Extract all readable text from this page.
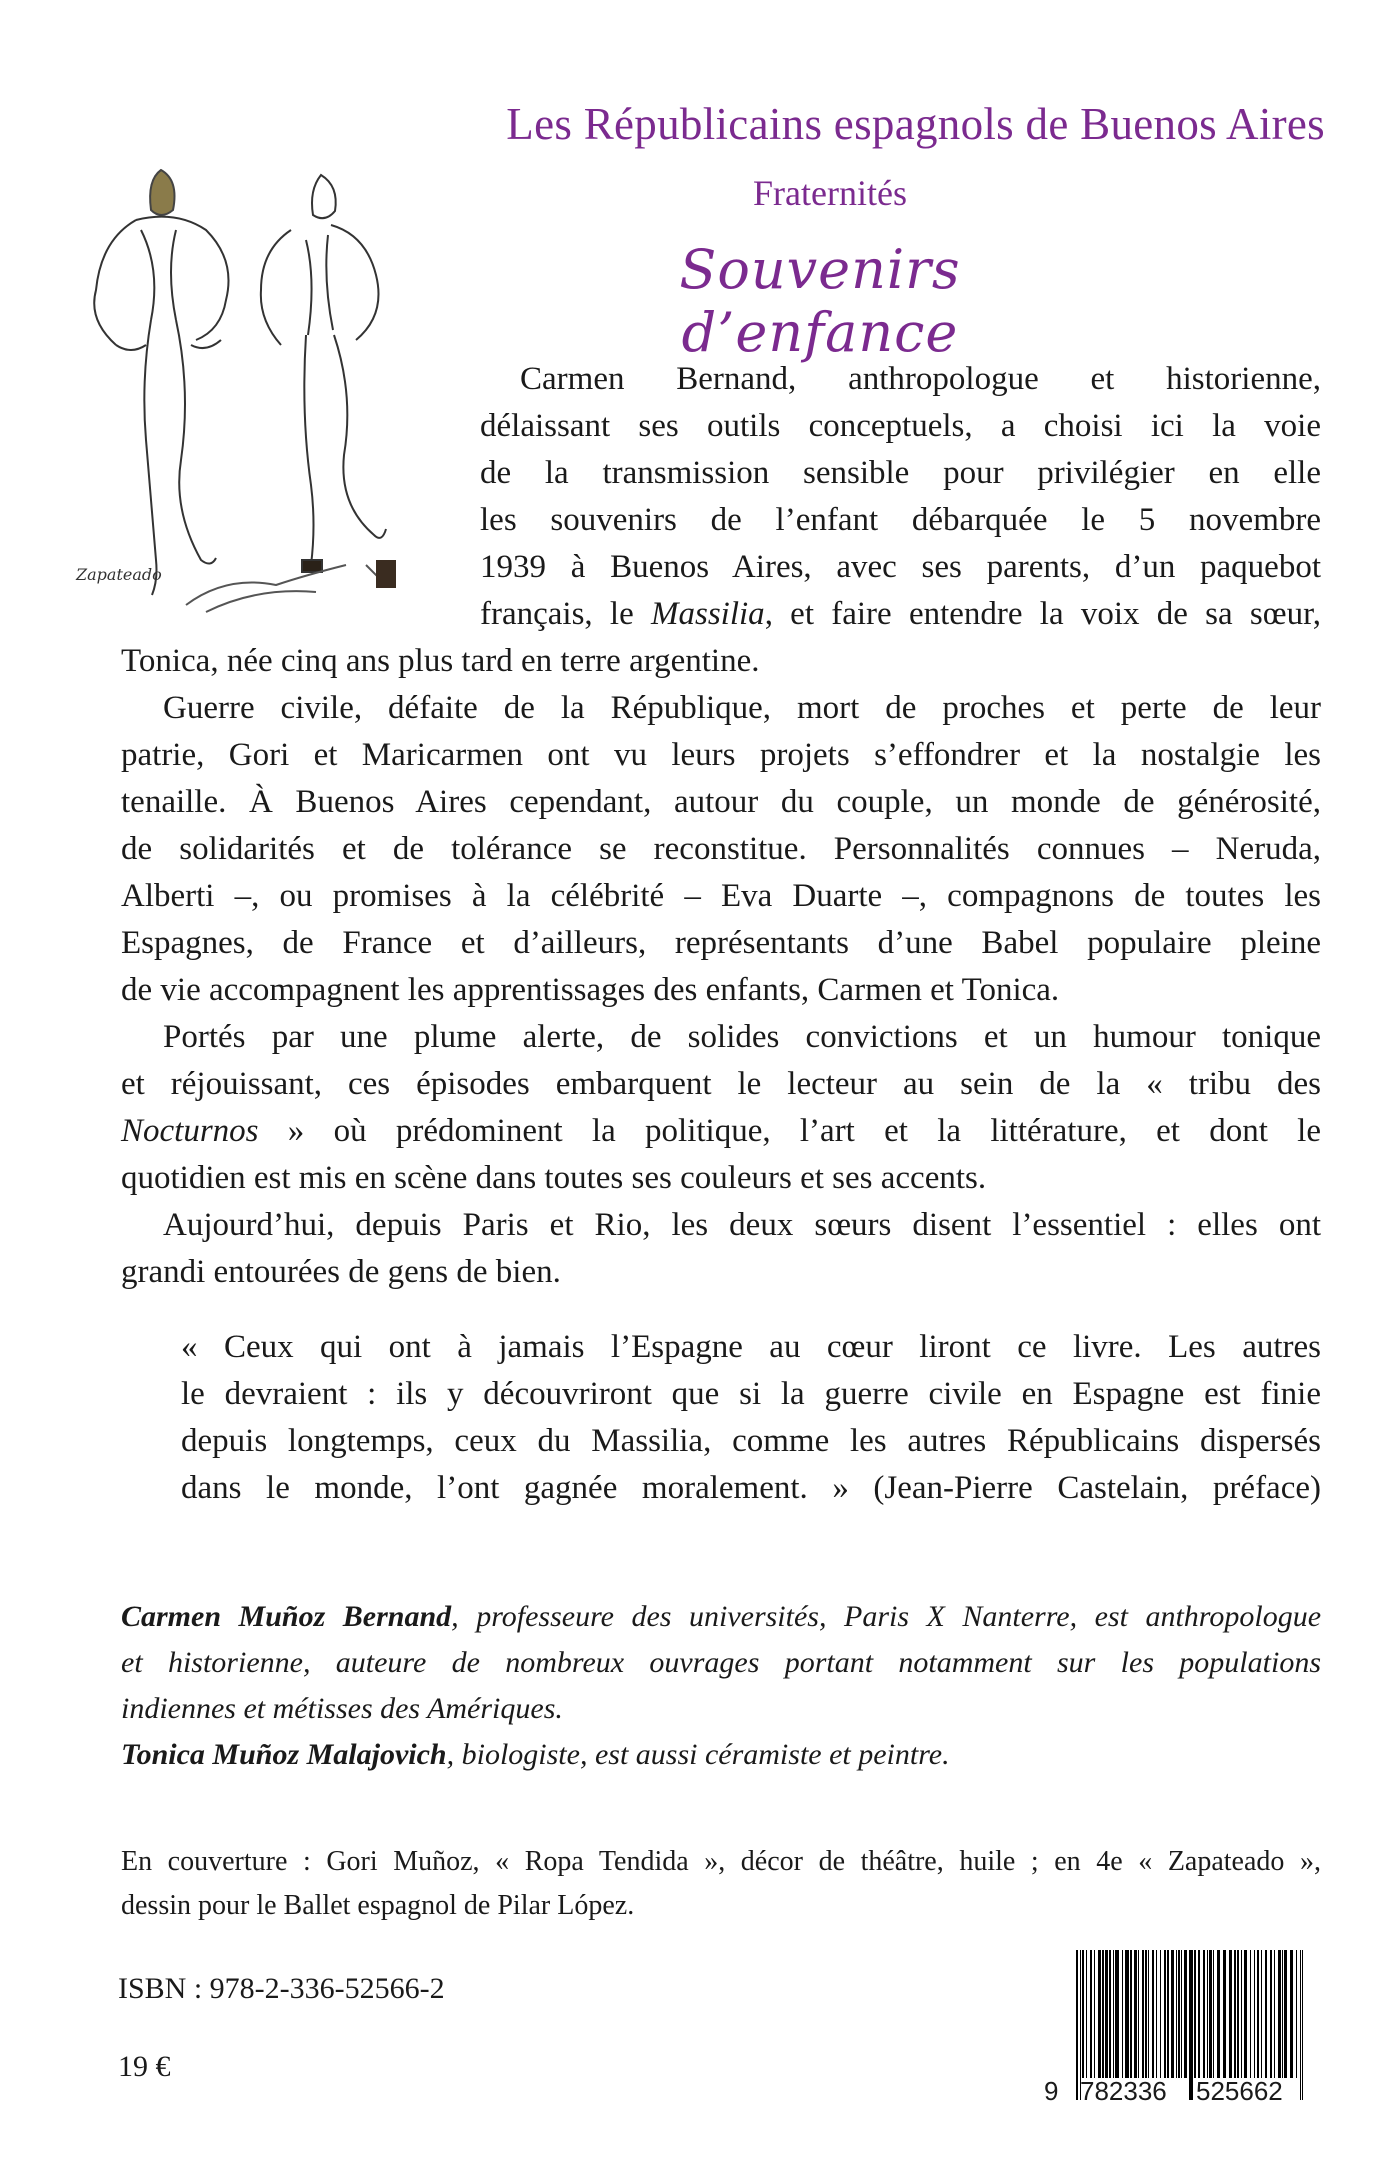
Les Républicains espagnols de Buenos Aires
Fraternités
Souvenirs d’enfance
Zapateado
Carmen Bernand, anthropologue et historienne,
délaissant ses outils conceptuels, a choisi ici la voie
de la transmission sensible pour privilégier en elle
les souvenirs de l’enfant débarquée le 5 novembre
1939 à Buenos Aires, avec ses parents, d’un paquebot
français, le Massilia, et faire entendre la voix de sa sœur,
Tonica, née cinq ans plus tard en terre argentine.
Guerre civile, défaite de la République, mort de proches et perte de leur
patrie, Gori et Maricarmen ont vu leurs projets s’effondrer et la nostalgie les
tenaille. À Buenos Aires cependant, autour du couple, un monde de générosité,
de solidarités et de tolérance se reconstitue. Personnalités connues – Neruda,
Alberti –, ou promises à la célébrité – Eva Duarte –, compagnons de toutes les
Espagnes, de France et d’ailleurs, représentants d’une Babel populaire pleine
de vie accompagnent les apprentissages des enfants, Carmen et Tonica.
Portés par une plume alerte, de solides convictions et un humour tonique
et réjouissant, ces épisodes embarquent le lecteur au sein de la « tribu des
Nocturnos » où prédominent la politique, l’art et la littérature, et dont le
quotidien est mis en scène dans toutes ses couleurs et ses accents.
Aujourd’hui, depuis Paris et Rio, les deux sœurs disent l’essentiel : elles ont
grandi entourées de gens de bien.
« Ceux qui ont à jamais l’Espagne au cœur liront ce livre. Les autres
le devraient : ils y découvriront que si la guerre civile en Espagne est finie
depuis longtemps, ceux du Massilia, comme les autres Républicains dispersés
dans le monde, l’ont gagnée moralement. » (Jean-Pierre Castelain, préface)
Carmen Muñoz Bernand, professeure des universités, Paris X Nanterre, est anthropologue
et historienne, auteure de nombreux ouvrages portant notamment sur les populations
indiennes et métisses des Amériques.
Tonica Muñoz Malajovich, biologiste, est aussi céramiste et peintre.
En couverture : Gori Muñoz, « Ropa Tendida », décor de théâtre, huile ; en 4e « Zapateado »,
dessin pour le Ballet espagnol de Pilar López.
ISBN : 978-2-336-52566-2
19 €
9 782336 525662
